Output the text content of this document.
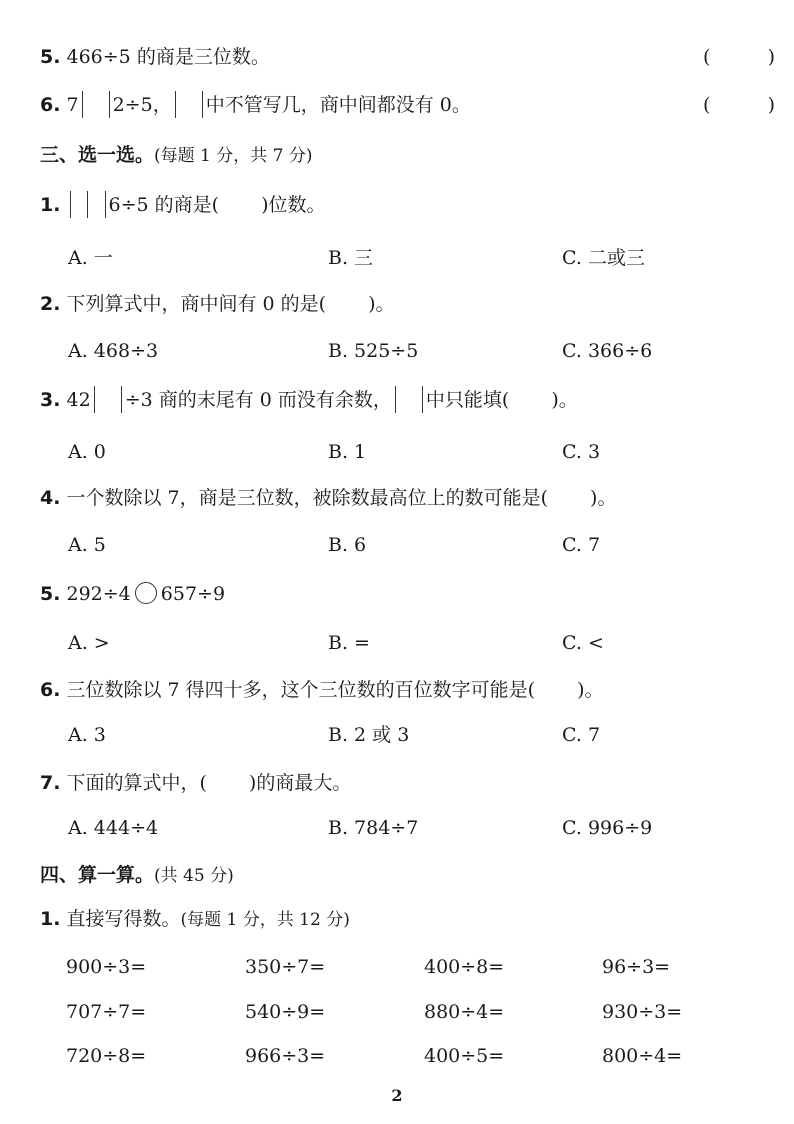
5. 466÷5 的商是三位数。	(	)
6. 7 2÷5， 中不管写几，商中间都没有 0。	(	)
三、选一选。(每题 1 分，共 7 分)
1.	6÷5 的商是( )位数。
A. 一	B. 三	C. 二或三
2. 下列算式中，商中间有 0 的是( )。
A. 468÷3	B. 525÷5	C. 366÷6
3. 42 ÷3 商的末尾有 0 而没有余数， 中只能填( )。
A. 0	B. 1	C. 3
4. 一个数除以 7，商是三位数，被除数最高位上的数可能是( )。
A. 5	B. 6	C. 7
5. 292÷4 657÷9
A. >	B. =	C. <
6. 三位数除以 7 得四十多，这个三位数的百位数字可能是( )。
A. 3	B. 2 或 3	C. 7
7. 下面的算式中，( )的商最大。
A. 444÷4	B. 784÷7	C. 996÷9
四、算一算。(共 45 分)
1. 直接写得数。(每题 1 分，共 12 分)
900÷3=	350÷7=	400÷8=	96÷3=
707÷7=	540÷9=	880÷4=	930÷3=
720÷8=	966÷3=	400÷5=	800÷4=
2
